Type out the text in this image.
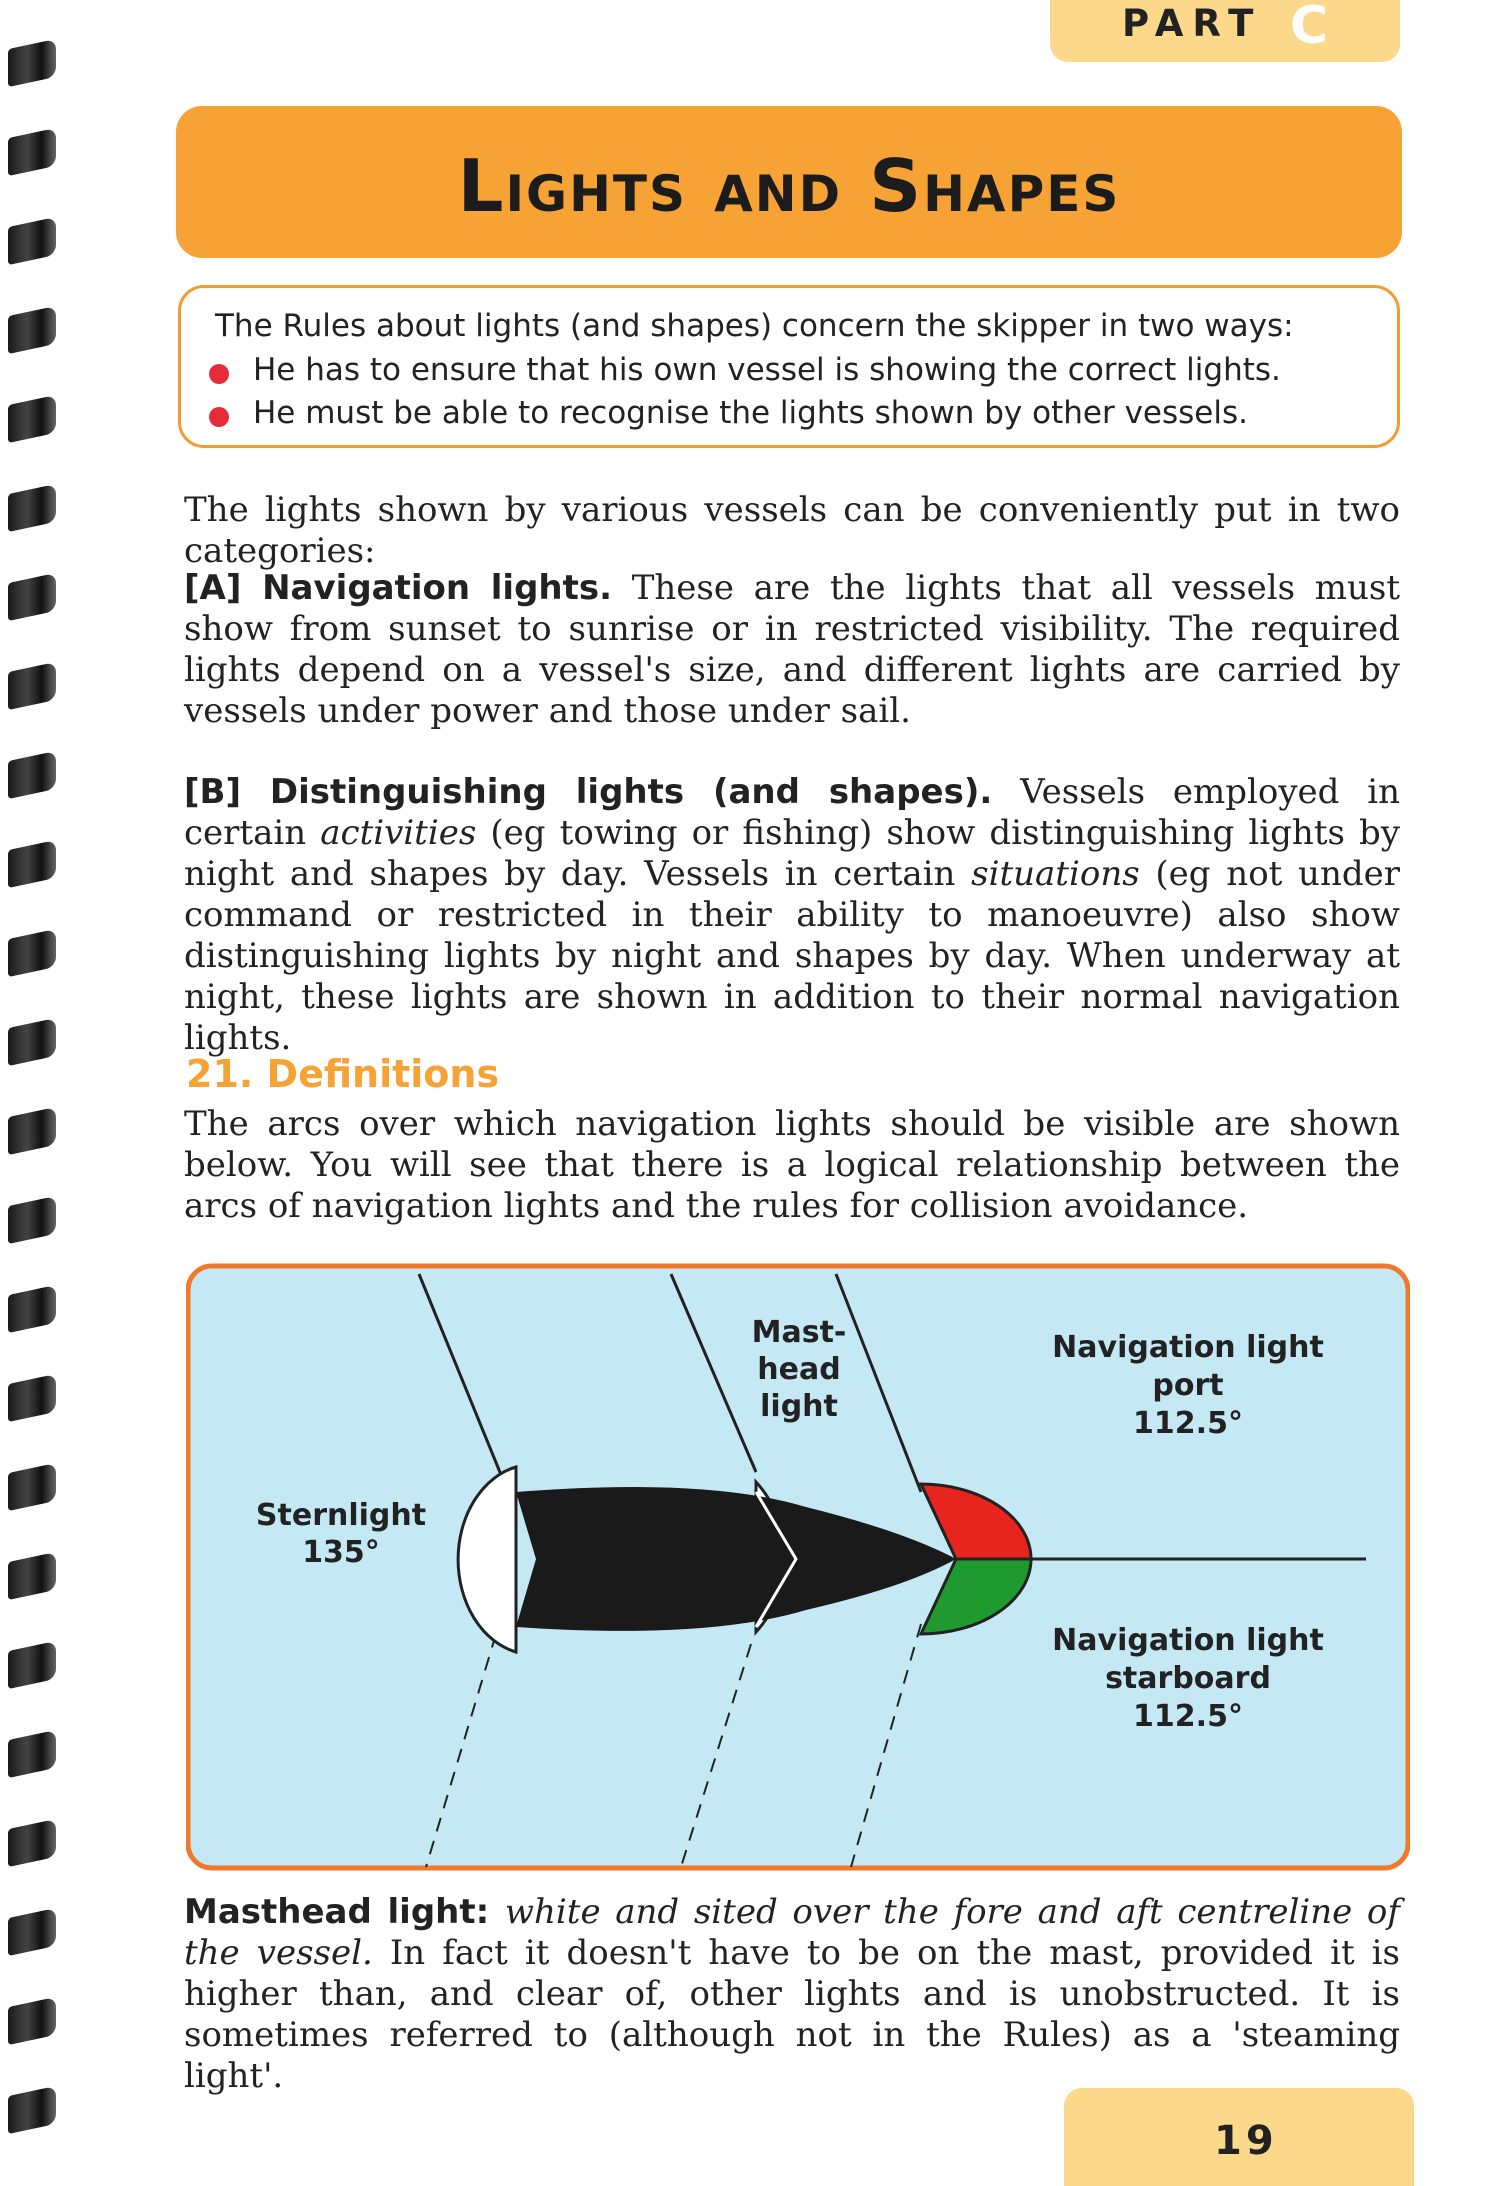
PART C
Lights and Shapes
The Rules about lights (and shapes) concern the skipper in two ways:
He has to ensure that his own vessel is showing the correct lights.
He must be able to recognise the lights shown by other vessels.
The lights shown by various vessels can be conveniently put in two categories:
[A] Navigation lights. These are the lights that all vessels must show from sunset to sunrise or in restricted visibility. The required lights depend on a vessel's size, and different lights are carried by vessels under power and those under sail.
[B] Distinguishing lights (and shapes). Vessels employed in certain activities (eg towing or fishing) show distinguishing lights by night and shapes by day. Vessels in certain situations (eg not under command or restricted in their ability to manoeuvre) also show distinguishing lights by night and shapes by day. When underway at night, these lights are shown in addition to their normal navigation lights.
21. Definitions
The arcs over which navigation lights should be visible are shown below. You will see that there is a logical relationship between the arcs of navigation lights and the rules for collision avoidance.
Sternlight
135°
Mast-
head
light
Navigation light
port
112.5°
Navigation light
starboard
112.5°
19
Masthead light: white and sited over the fore and aft centreline of the vessel. In fact it doesn't have to be on the mast, provided it is higher than, and clear of, other lights and is unobstructed. It is sometimes referred to (although not in the Rules) as a 'steaming light'.
